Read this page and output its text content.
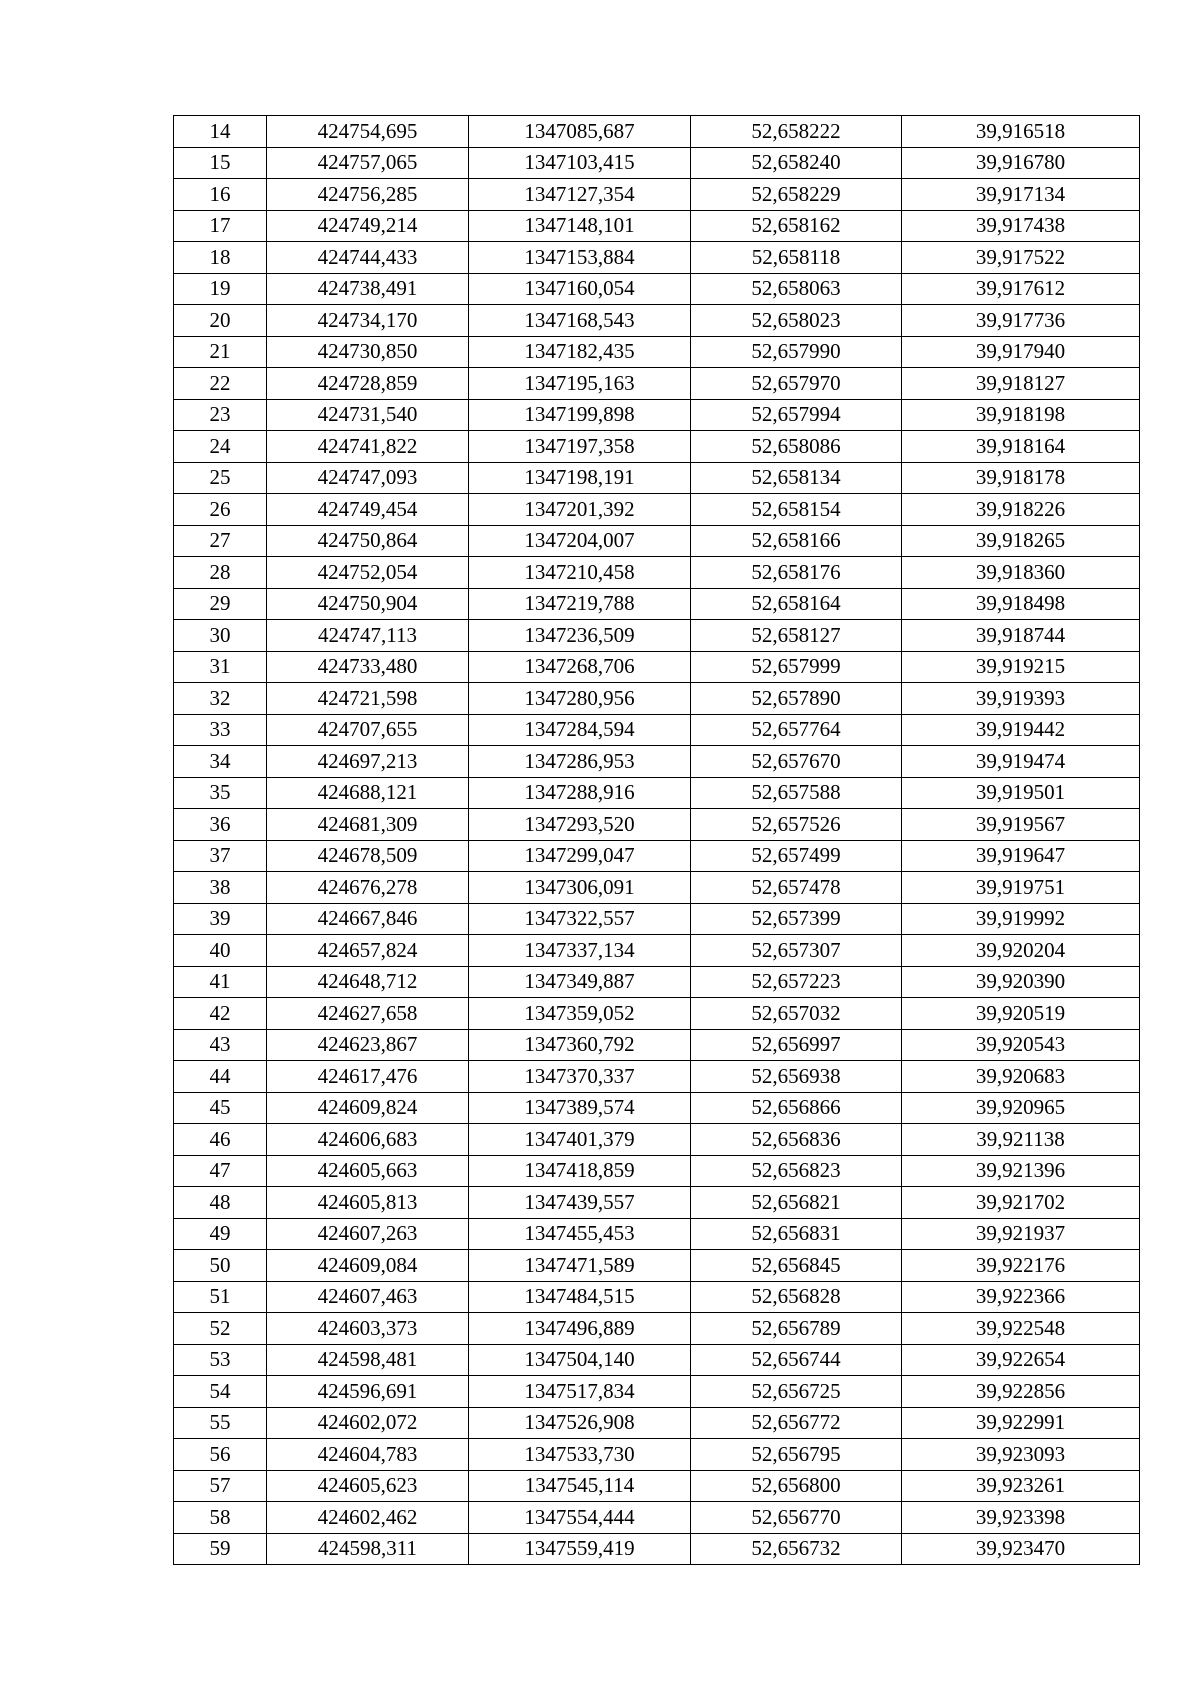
14	424754,695	1347085,687	52,658222	39,916518
15	424757,065	1347103,415	52,658240	39,916780
16	424756,285	1347127,354	52,658229	39,917134
17	424749,214	1347148,101	52,658162	39,917438
18	424744,433	1347153,884	52,658118	39,917522
19	424738,491	1347160,054	52,658063	39,917612
20	424734,170	1347168,543	52,658023	39,917736
21	424730,850	1347182,435	52,657990	39,917940
22	424728,859	1347195,163	52,657970	39,918127
23	424731,540	1347199,898	52,657994	39,918198
24	424741,822	1347197,358	52,658086	39,918164
25	424747,093	1347198,191	52,658134	39,918178
26	424749,454	1347201,392	52,658154	39,918226
27	424750,864	1347204,007	52,658166	39,918265
28	424752,054	1347210,458	52,658176	39,918360
29	424750,904	1347219,788	52,658164	39,918498
30	424747,113	1347236,509	52,658127	39,918744
31	424733,480	1347268,706	52,657999	39,919215
32	424721,598	1347280,956	52,657890	39,919393
33	424707,655	1347284,594	52,657764	39,919442
34	424697,213	1347286,953	52,657670	39,919474
35	424688,121	1347288,916	52,657588	39,919501
36	424681,309	1347293,520	52,657526	39,919567
37	424678,509	1347299,047	52,657499	39,919647
38	424676,278	1347306,091	52,657478	39,919751
39	424667,846	1347322,557	52,657399	39,919992
40	424657,824	1347337,134	52,657307	39,920204
41	424648,712	1347349,887	52,657223	39,920390
42	424627,658	1347359,052	52,657032	39,920519
43	424623,867	1347360,792	52,656997	39,920543
44	424617,476	1347370,337	52,656938	39,920683
45	424609,824	1347389,574	52,656866	39,920965
46	424606,683	1347401,379	52,656836	39,921138
47	424605,663	1347418,859	52,656823	39,921396
48	424605,813	1347439,557	52,656821	39,921702
49	424607,263	1347455,453	52,656831	39,921937
50	424609,084	1347471,589	52,656845	39,922176
51	424607,463	1347484,515	52,656828	39,922366
52	424603,373	1347496,889	52,656789	39,922548
53	424598,481	1347504,140	52,656744	39,922654
54	424596,691	1347517,834	52,656725	39,922856
55	424602,072	1347526,908	52,656772	39,922991
56	424604,783	1347533,730	52,656795	39,923093
57	424605,623	1347545,114	52,656800	39,923261
58	424602,462	1347554,444	52,656770	39,923398
59	424598,311	1347559,419	52,656732	39,923470
